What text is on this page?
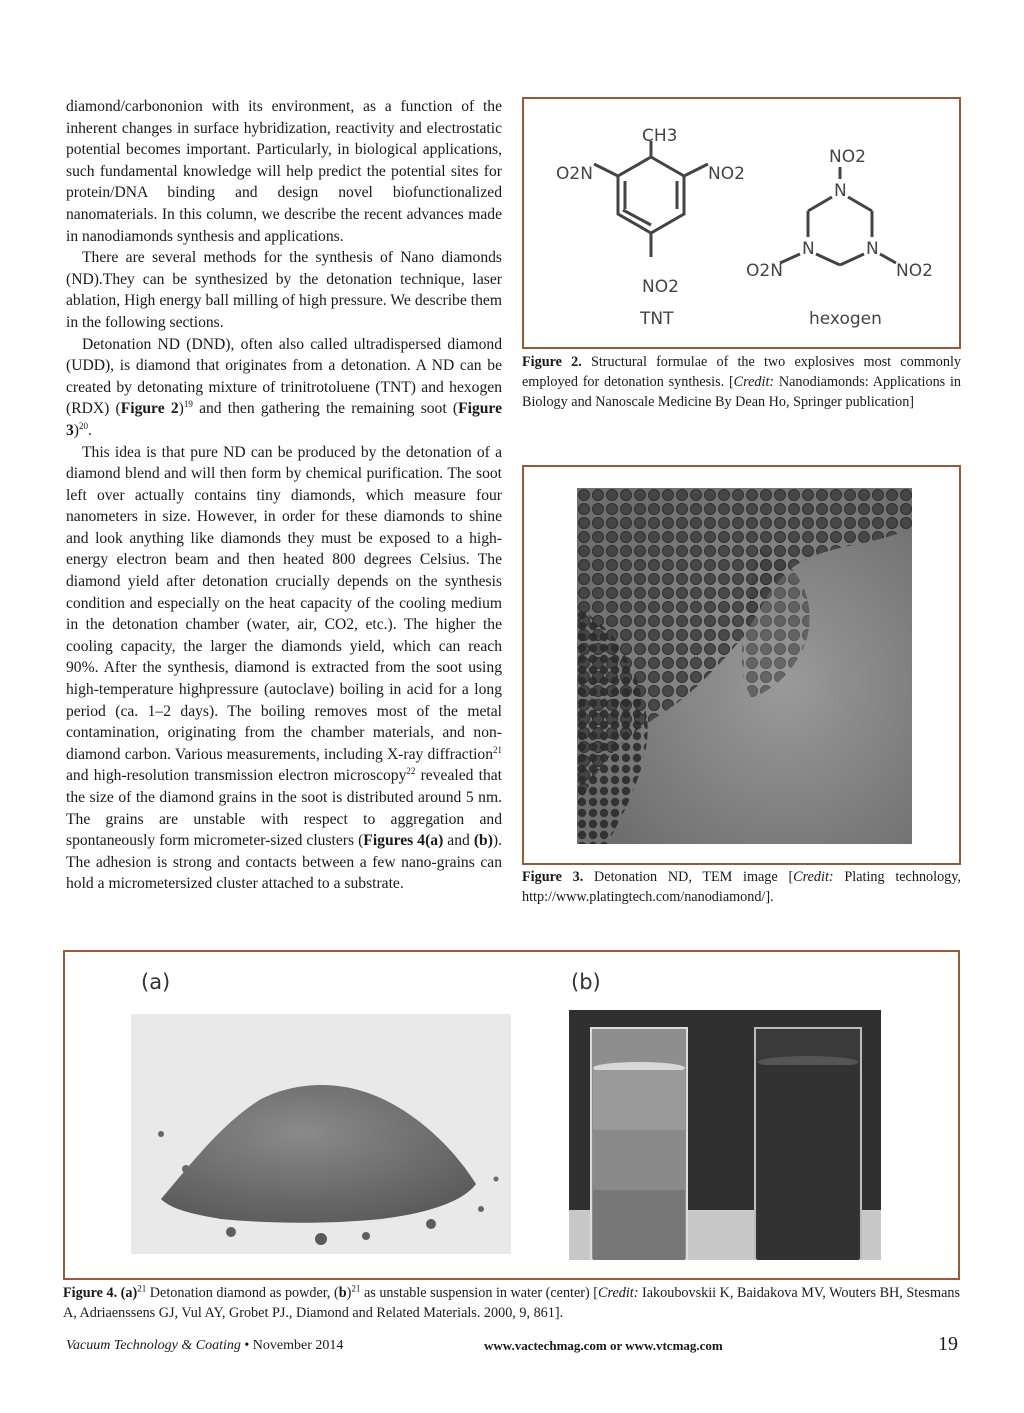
diamond/carbononion with its environment, as a function of the inherent changes in surface hybridization, reactivity and electrostatic potential becomes important. Particularly, in biological applications, such fundamental knowledge will help predict the potential sites for protein/DNA binding and design novel biofunctionalized nanomaterials. In this column, we describe the recent advances made in nanodiamonds synthesis and applications.

There are several methods for the synthesis of Nano diamonds (ND).They can be synthesized by the detonation technique, laser ablation, High energy ball milling of high pressure. We describe them in the following sections.

Detonation ND (DND), often also called ultradispersed diamond (UDD), is diamond that originates from a detonation. A ND can be created by detonating mixture of trinitrotoluene (TNT) and hexogen (RDX) (Figure 2)$^{19}$ and then gathering the remaining soot (Figure 3)$^{20}$.

This idea is that pure ND can be produced by the detonation of a diamond blend and will then form by chemical purification. The soot left over actually contains tiny diamonds, which measure four nanometers in size. However, in order for these diamonds to shine and look anything like diamonds they must be exposed to a high-energy electron beam and then heated 800 degrees Celsius. The diamond yield after detonation crucially depends on the synthesis condition and especially on the heat capacity of the cooling medium in the detonation chamber (water, air, CO2, etc.). The higher the cooling capacity, the larger the diamonds yield, which can reach 90%. After the synthesis, diamond is extracted from the soot using high-temperature highpressure (autoclave) boiling in acid for a long period (ca. 1–2 days). The boiling removes most of the metal contamination, originating from the chamber materials, and non-diamond carbon. Various measurements, including X-ray diffraction$^{21}$ and high-resolution transmission electron microscopy$^{22}$ revealed that the size of the diamond grains in the soot is distributed around 5 nm. The grains are unstable with respect to aggregation and spontaneously form micrometer-sized clusters (Figures 4(a) and (b)). The adhesion is strong and contacts between a few nano-grains can hold a micrometersized cluster attached to a substrate.

CH3
O2N	NO2
NO2
TNT
NO2
N
N	N
O2N	NO2
hexogen
Figure 2. Structural formulae of the two explosives most commonly employed for detonation synthesis. [Credit: Nanodiamonds: Applications in Biology and Nanoscale Medicine By Dean Ho, Springer publication]
Figure 3. Detonation ND, TEM image [Credit: Plating technology, http://www.platingtech.com/nanodiamond/].
(a)	(b)
Figure 4. $(a)^{21}$ Detonation diamond as powder, $(b)^{21}$ as unstable suspension in water (center) [Credit: Iakoubovskii K, Baidakova MV, Wouters BH, Stesmans A, Adriaenssens GJ, Vul AY, Grobet PJ., Diamond and Related Materials. 2000, 9, 861].
Vacuum Technology & Coating • November 2014	www.vactechmag.com or www.vtcmag.com	19
